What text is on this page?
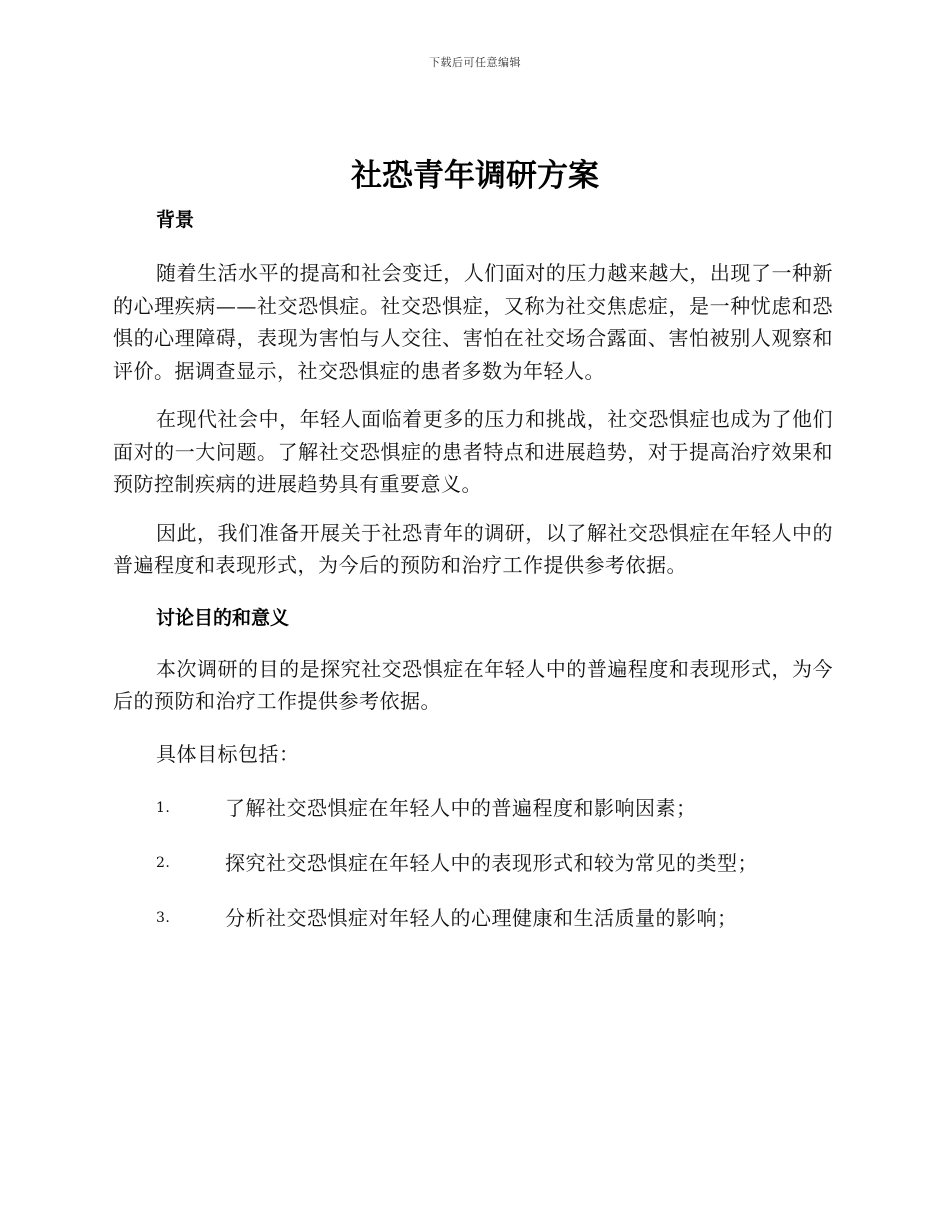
下载后可任意编辑
社恐青年调研方案
背景

随着生活水平的提高和社会变迁，人们面对的压力越来越大，出现了一种新的心理疾病——社交恐惧症。社交恐惧症，又称为社交焦虑症，是一种忧虑和恐惧的心理障碍，表现为害怕与人交往、害怕在社交场合露面、害怕被别人观察和评价。据调查显示，社交恐惧症的患者多数为年轻人。

在现代社会中，年轻人面临着更多的压力和挑战，社交恐惧症也成为了他们面对的一大问题。了解社交恐惧症的患者特点和进展趋势，对于提高治疗效果和预防控制疾病的进展趋势具有重要意义。

因此，我们准备开展关于社恐青年的调研，以了解社交恐惧症在年轻人中的普遍程度和表现形式，为今后的预防和治疗工作提供参考依据。

讨论目的和意义

本次调研的目的是探究社交恐惧症在年轻人中的普遍程度和表现形式，为今后的预防和治疗工作提供参考依据。

具体目标包括：

1.	了解社交恐惧症在年轻人中的普遍程度和影响因素；
2.	探究社交恐惧症在年轻人中的表现形式和较为常见的类型；
3.	分析社交恐惧症对年轻人的心理健康和生活质量的影响；
